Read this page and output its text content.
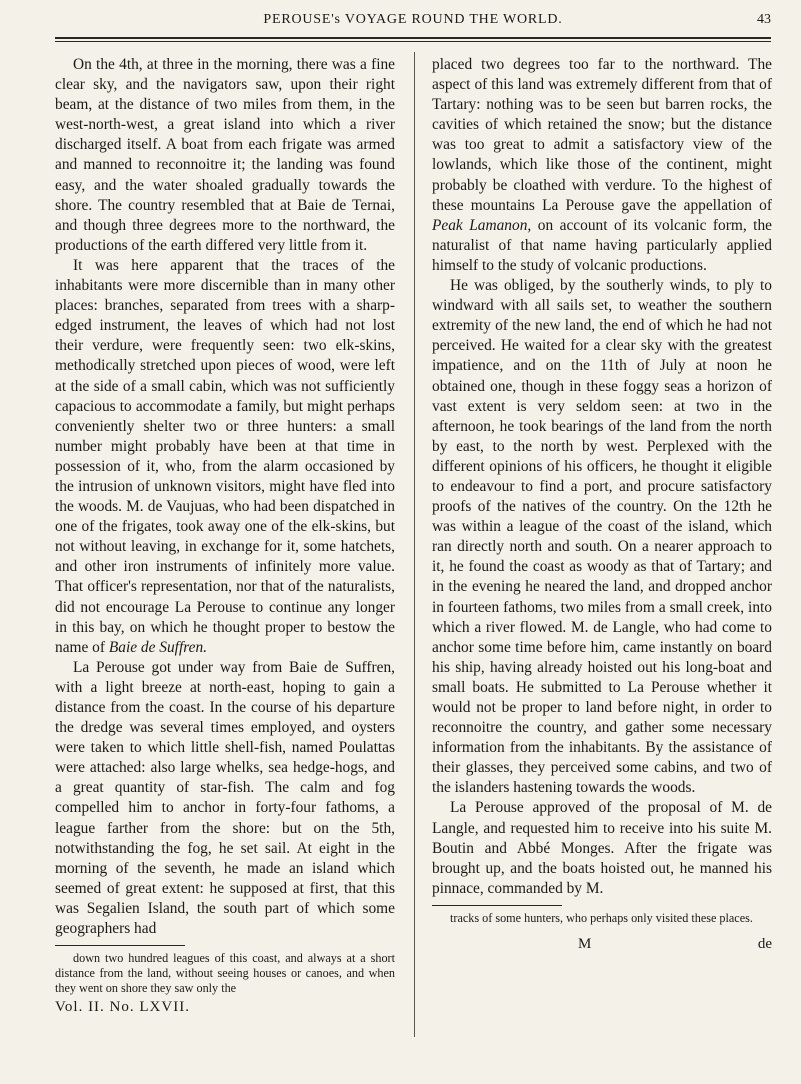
PEROUSE's VOYAGE ROUND THE WORLD.	43

On the 4th, at three in the morning, there was a fine clear sky, and the navigators saw, upon their right beam, at the distance of two miles from them, in the west-north-west, a great island into which a river discharged itself. A boat from each frigate was armed and manned to reconnoitre it; the landing was found easy, and the water shoaled gradually towards the shore. The country resembled that at Baie de Ternai, and though three degrees more to the northward, the productions of the earth differed very little from it.

It was here apparent that the traces of the inhabitants were more discernible than in many other places: branches, separated from trees with a sharp-edged instrument, the leaves of which had not lost their verdure, were frequently seen: two elk-skins, methodically stretched upon pieces of wood, were left at the side of a small cabin, which was not sufficiently capacious to accommodate a family, but might perhaps conveniently shelter two or three hunters: a small number might probably have been at that time in possession of it, who, from the alarm occasioned by the intrusion of unknown visitors, might have fled into the woods. M. de Vaujuas, who had been dispatched in one of the frigates, took away one of the elk-skins, but not without leaving, in exchange for it, some hatchets, and other iron instruments of infinitely more value. That officer's representation, nor that of the naturalists, did not encourage La Perouse to continue any longer in this bay, on which he thought proper to bestow the name of Baie de Suffren.

La Perouse got under way from Baie de Suffren, with a light breeze at north-east, hoping to gain a distance from the coast. In the course of his departure the dredge was several times employed, and oysters were taken to which little shell-fish, named Poulattas were attached: also large whelks, sea hedge-hogs, and a great quantity of star-fish. The calm and fog compelled him to anchor in forty-four fathoms, a league farther from the shore: but on the 5th, notwithstanding the fog, he set sail. At eight in the morning of the seventh, he made an island which seemed of great extent: he supposed at first, that this was Segalien Island, the south part of which some geographers had

down two hundred leagues of this coast, and always at a short distance from the land, without seeing houses or canoes, and when they went on shore they saw only the

Vol. II. No. LXVII.

placed two degrees too far to the northward. The aspect of this land was extremely different from that of Tartary: nothing was to be seen but barren rocks, the cavities of which retained the snow; but the distance was too great to admit a satisfactory view of the lowlands, which like those of the continent, might probably be cloathed with verdure. To the highest of these mountains La Perouse gave the appellation of Peak Lamanon, on account of its volcanic form, the naturalist of that name having particularly applied himself to the study of volcanic productions.

He was obliged, by the southerly winds, to ply to windward with all sails set, to weather the southern extremity of the new land, the end of which he had not perceived. He waited for a clear sky with the greatest impatience, and on the 11th of July at noon he obtained one, though in these foggy seas a horizon of vast extent is very seldom seen: at two in the afternoon, he took bearings of the land from the north by east, to the north by west. Perplexed with the different opinions of his officers, he thought it eligible to endeavour to find a port, and procure satisfactory proofs of the natives of the country. On the 12th he was within a league of the coast of the island, which ran directly north and south. On a nearer approach to it, he found the coast as woody as that of Tartary; and in the evening he neared the land, and dropped anchor in fourteen fathoms, two miles from a small creek, into which a river flowed. M. de Langle, who had come to anchor some time before him, came instantly on board his ship, having already hoisted out his long-boat and small boats. He submitted to La Perouse whether it would not be proper to land before night, in order to reconnoitre the country, and gather some necessary information from the inhabitants. By the assistance of their glasses, they perceived some cabins, and two of the islanders hastening towards the woods.

La Perouse approved of the proposal of M. de Langle, and requested him to receive into his suite M. Boutin and Abbé Monges. After the frigate was brought up, and the boats hoisted out, he manned his pinnace, commanded by M.

tracks of some hunters, who perhaps only visited these places.

M	de
